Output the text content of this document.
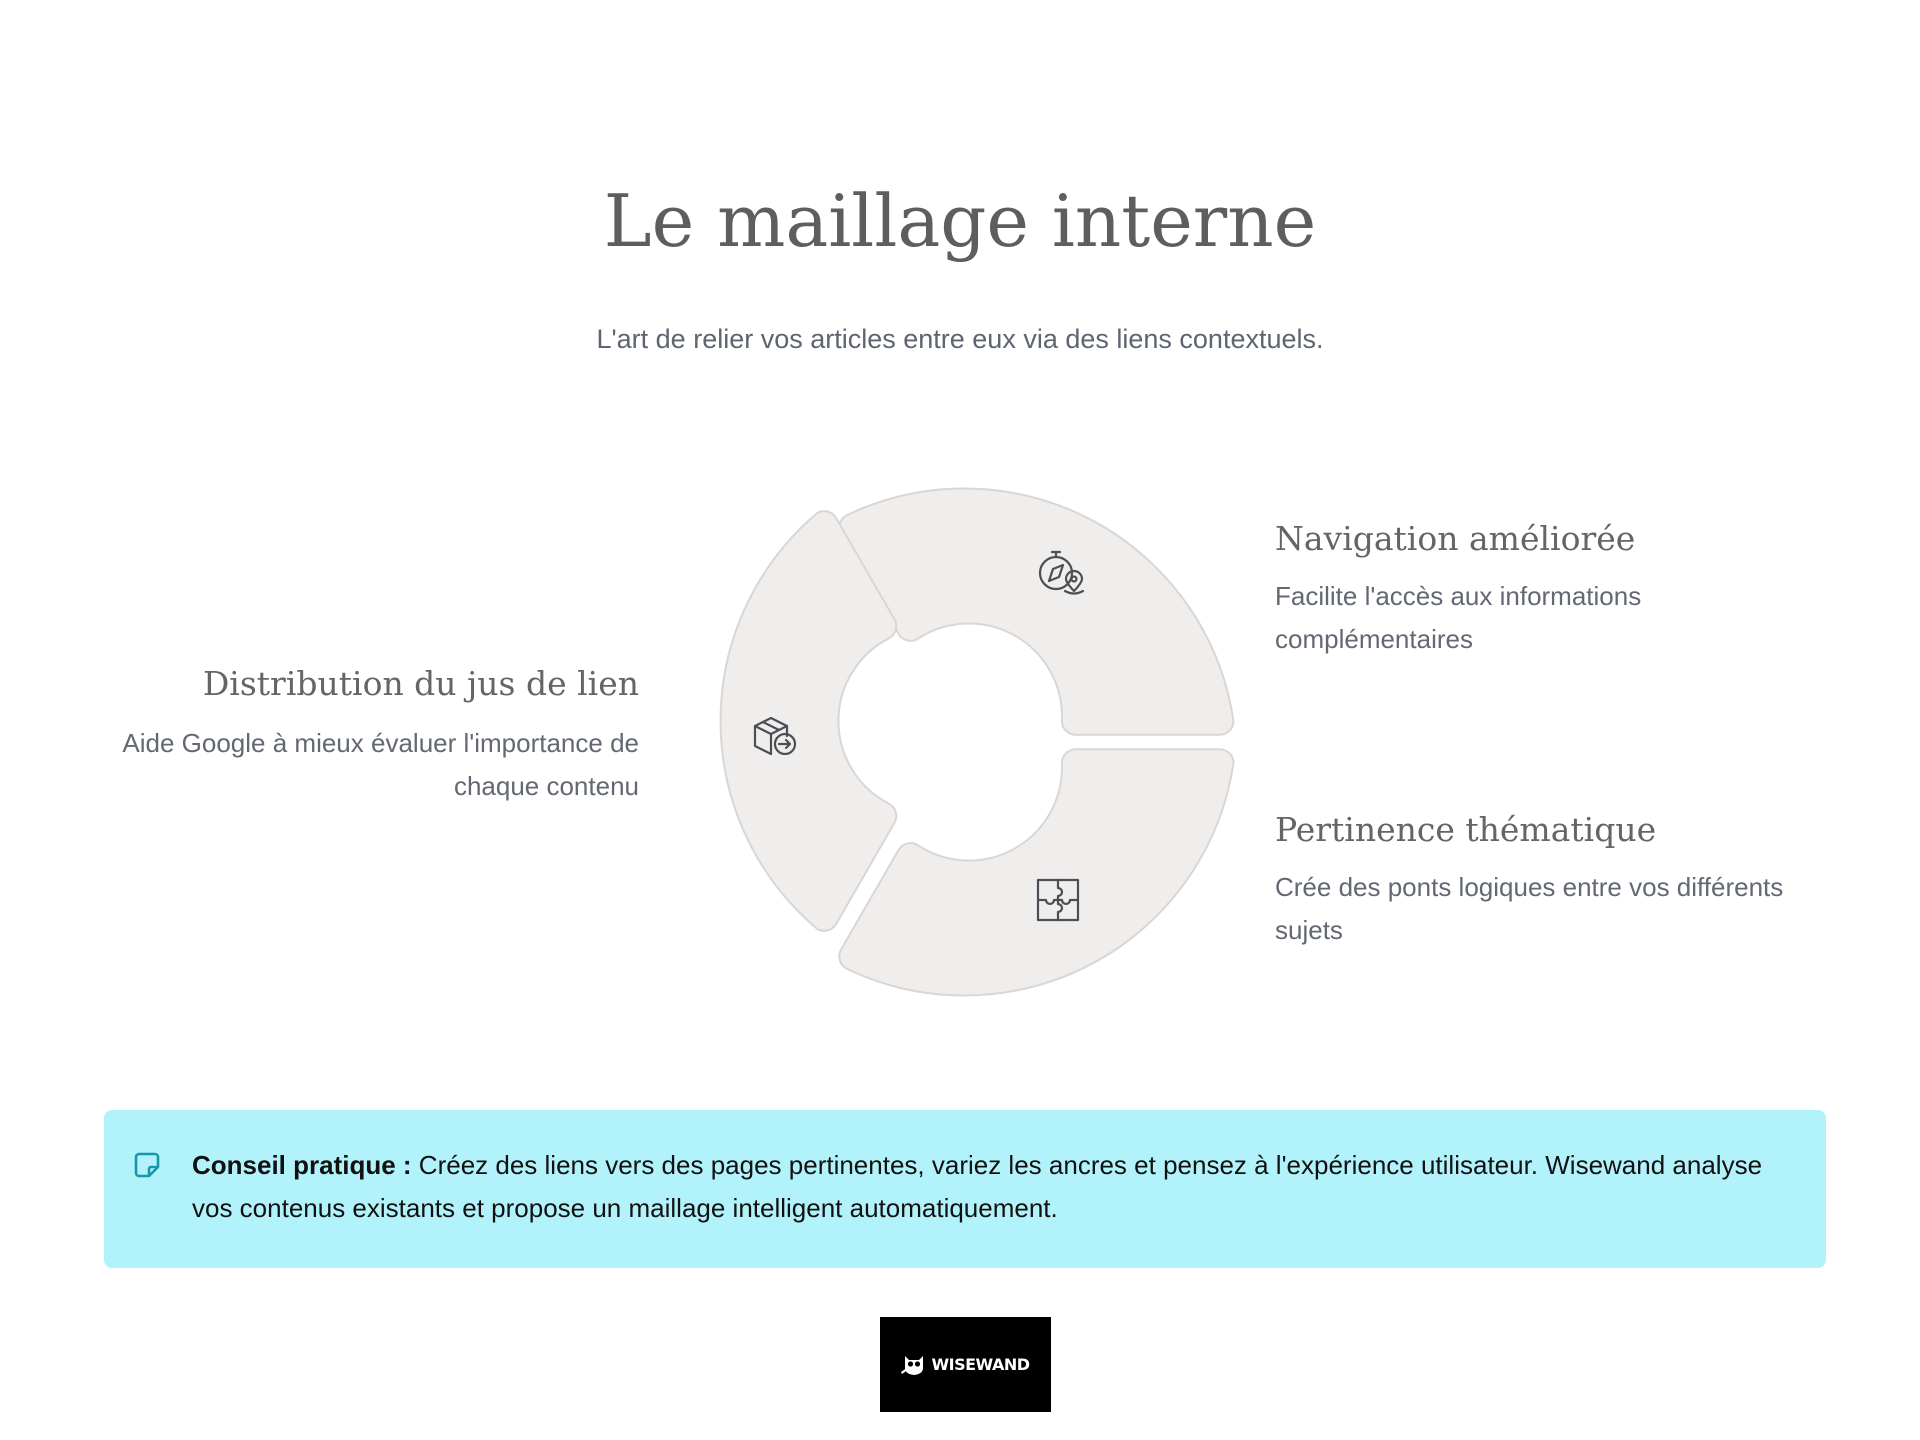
Le maillage interne
L'art de relier vos articles entre eux via des liens contextuels.
Navigation améliorée
Facilite l'accès aux informations complémentaires
Distribution du jus de lien
Aide Google à mieux évaluer l'importance de chaque contenu
Pertinence thématique
Crée des ponts logiques entre vos différents sujets
Conseil pratique : Créez des liens vers des pages pertinentes, variez les ancres et pensez à l'expérience utilisateur. Wisewand analyse vos contenus existants et propose un maillage intelligent automatiquement.
WISEWAND
